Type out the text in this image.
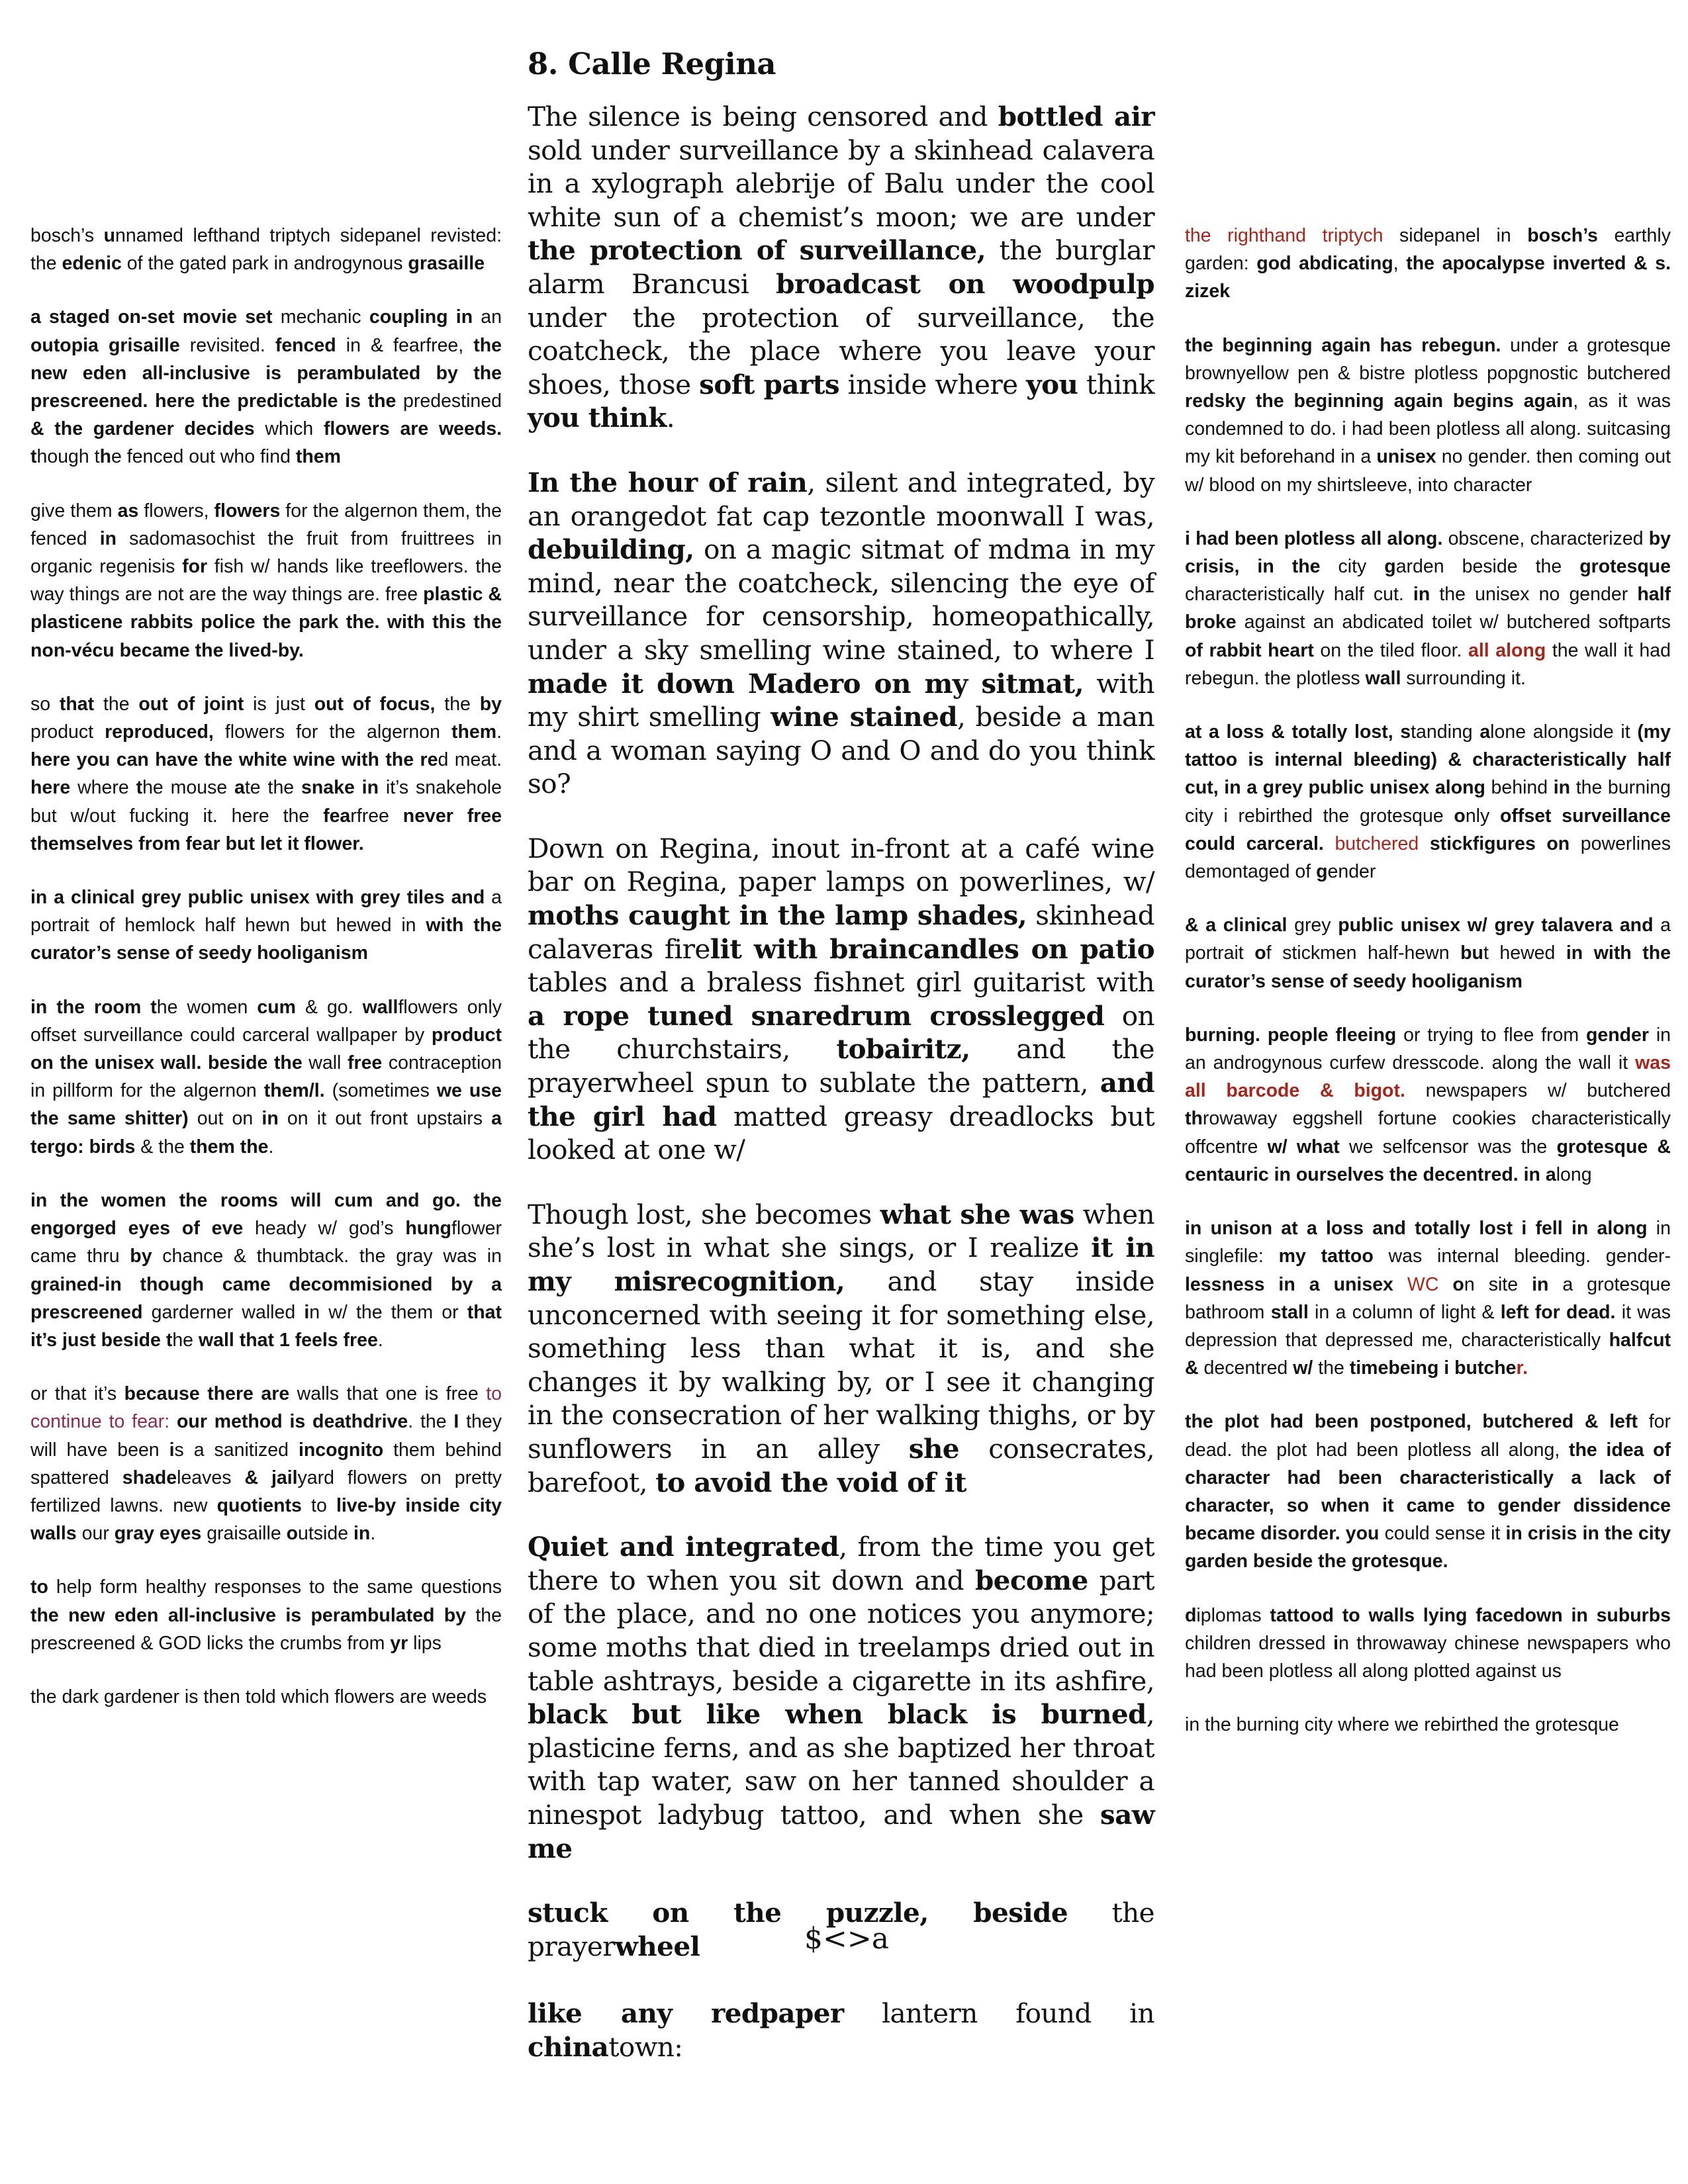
8. Calle Regina

The silence is being censored and bottled air sold under surveillance by a skinhead calavera in a xylograph alebrije of Balu under the cool white sun of a chemist’s moon; we are under the protection of surveillance, the burglar alarm Brancusi broadcast on woodpulp under the protection of surveillance, the coatcheck, the place where you leave your shoes, those soft parts inside where you think you think.

In the hour of rain, silent and integrated, by an orangedot fat cap tezontle moonwall I was, debuilding, on a magic sitmat of mdma in my mind, near the coatcheck, silencing the eye of surveillance for censorship, homeopathically, under a sky smelling wine stained, to where I made it down Madero on my sitmat, with my shirt smelling wine stained, beside a man and a woman saying O and O and do you think so?

Down on Regina, inout in-front at a café wine bar on Regina, paper lamps on powerlines, w/ moths caught in the lamp shades, skinhead calaveras firelit with braincandles on patio tables and a braless fishnet girl guitarist with a rope tuned snaredrum crosslegged on the churchstairs, tobairitz, and the prayerwheel spun to sublate the pattern, and the girl had matted greasy dreadlocks but looked at one w/

Though lost, she becomes what she was when she’s lost in what she sings, or I realize it in my misrecognition, and stay inside unconcerned with seeing it for something else, something less than what it is, and she changes it by walking by, or I see it changing in the consecration of her walking thighs, or by sunflowers in an alley she consecrates, barefoot, to avoid the void of it

Quiet and integrated, from the time you get there to when you sit down and become part of the place, and no one notices you anymore; some moths that died in treelamps dried out in table ashtrays, beside a cigarette in its ashfire, black but like when black is burned, plasticine ferns, and as she baptized her throat with tap water, saw on her tanned shoulder a ninespot ladybug tattoo, and when she saw me

stuck on the puzzle, beside the prayerwheel

like any redpaper lantern found in chinatown:

bosch’s unnamed lefthand triptych sidepanel revisted: the edenic of the gated park in androgynous grasaille

a staged on-set movie set mechanic coupling in an outopia grisaille revisited. fenced in & fearfree, the new eden all-inclusive is perambulated by the prescreened. here the predictable is the predestined & the gardener decides which flowers are weeds. though the fenced out who find them

give them as flowers, flowers for the algernon them, the fenced in sadomasochist the fruit from fruittrees in organic regenisis for fish w/ hands like treeflowers. the way things are not are the way things are. free plastic & plasticene rabbits police the park the. with this the non-vécu became the lived-by.

so that the out of joint is just out of focus, the by product reproduced, flowers for the algernon them. here you can have the white wine with the red meat. here where the mouse ate the snake in it’s snakehole but w/out fucking it. here the fearfree never free themselves from fear but let it flower.

in a clinical grey public unisex with grey tiles and a portrait of hemlock half hewn but hewed in with the curator’s sense of seedy hooliganism

in the room the women cum & go. wallflowers only offset surveillance could carceral wallpaper by product on the unisex wall. beside the wall free contraception in pillform for the algernon them/l. (sometimes we use the same shitter) out on in on it out front upstairs a tergo: birds & the them the.

in the women the rooms will cum and go. the engorged eyes of eve heady w/ god’s hungflower came thru by chance & thumbtack. the gray was in grained-in though came decommisioned by a prescreened garderner walled in w/ the them or that it’s just beside the wall that 1 feels free.

or that it’s because there are walls that one is free to continue to fear: our method is deathdrive. the I they will have been is a sanitized incognito them behind spattered shadeleaves & jailyard flowers on pretty fertilized lawns. new quotients to live-by inside city walls our gray eyes graisaille outside in.

to help form healthy responses to the same questions the new eden all-inclusive is perambulated by the prescreened & GOD licks the crumbs from yr lips

the dark gardener is then told which flowers are weeds

the righthand triptych sidepanel in bosch’s earthly garden: god abdicating, the apocalypse inverted & s. zizek

the beginning again has rebegun. under a grotesque brownyellow pen & bistre plotless popgnostic butchered redsky the beginning again begins again, as it was condemned to do. i had been plotless all along. suitcasing my kit beforehand in a unisex no gender. then coming out w/ blood on my shirtsleeve, into character

i had been plotless all along. obscene, characterized by crisis, in the city garden beside the grotesque characteristically half cut. in the unisex no gender half broke against an abdicated toilet w/ butchered softparts of rabbit heart on the tiled floor. all along the wall it had rebegun. the plotless wall surrounding it.

at a loss & totally lost, standing alone alongside it (my tattoo is internal bleeding) & characteristically half cut, in a grey public unisex along behind in the burning city i rebirthed the grotesque only offset surveillance could carceral. butchered stickfigures on powerlines demontaged of gender

& a clinical grey public unisex w/ grey talavera and a portrait of stickmen half-hewn but hewed in with the curator’s sense of seedy hooliganism

burning. people fleeing or trying to flee from gender in an androgynous curfew dresscode. along the wall it was all barcode & bigot. newspapers w/ butchered throwaway eggshell fortune cookies characteristically offcentre w/ what we selfcensor was the grotesque & centauric in ourselves the decentred. in along

in unison at a loss and totally lost i fell in along in singlefile: my tattoo was internal bleeding. gender-lessness in a unisex WC on site in a grotesque bathroom stall in a column of light & left for dead. it was depression that depressed me, characteristically halfcut & decentred w/ the timebeing i butcher.

the plot had been postponed, butchered & left for dead. the plot had been plotless all along, the idea of character had been characteristically a lack of character, so when it came to gender dissidence became disorder. you could sense it in crisis in the city garden beside the grotesque.

diplomas tattood to walls lying facedown in suburbs children dressed in throwaway chinese newspapers who had been plotless all along plotted against us

in the burning city where we rebirthed the grotesque

$<>a
